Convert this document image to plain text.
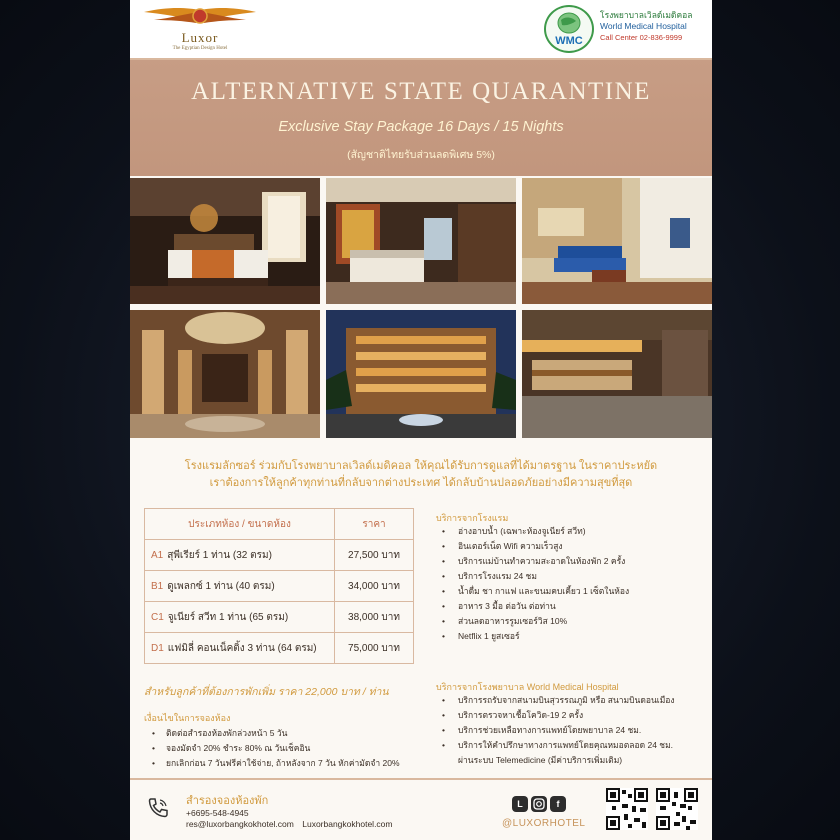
Luxor
The Egyptian Design Hotel
WMC
โรงพยาบาลเวิลด์เมดิคอล
World Medical Hospital
Call Center 02-836-9999
ALTERNATIVE STATE QUARANTINE
Exclusive Stay Package 16 Days / 15 Nights
(สัญชาติไทยรับส่วนลดพิเศษ 5%)
โรงแรมลักซอร์ ร่วมกับโรงพยาบาลเวิลด์เมดิคอล ให้คุณได้รับการดูแลที่ได้มาตรฐาน ในราคาประหยัด
เราต้องการให้ลูกค้าทุกท่านที่กลับจากต่างประเทศ ได้กลับบ้านปลอดภัยอย่างมีความสุขที่สุด
ประเภทห้อง / ขนาดห้อง	ราคา
A1 สุพีเรียร์ 1 ท่าน (32 ตรม)	27,500 บาท
B1 ดูเพลกซ์ 1 ท่าน (40 ตรม)	34,000 บาท
C1 จูเนียร์ สวีท 1 ท่าน (65 ตรม)	38,000 บาท
D1 แฟมิลี่ คอนเน็คติ้ง 3 ท่าน (64 ตรม)	75,000 บาท
สำหรับลูกค้าที่ต้องการพักเพิ่ม ราคา 22,000 บาท / ท่าน
เงื่อนไขในการจองห้อง
• ติดต่อสำรองห้องพักล่วงหน้า 5 วัน
• จองมัดจำ 20% ชำระ 80% ณ วันเช็คอิน
• ยกเลิกก่อน 7 วันฟรีค่าใช้จ่าย, ถ้าหลังจาก 7 วัน หักค่ามัดจำ 20%
บริการจากโรงแรม
• อ่างอาบน้ำ (เฉพาะห้องจูเนียร์ สวีท)
• อินเตอร์เน็ต Wifi ความเร็วสูง
• บริการแม่บ้านทำความสะอาดในห้องพัก 2 ครั้ง
• บริการโรงแรม 24 ชม
• น้ำดื่ม ชา กาแฟ และขนมคบเคี้ยว 1 เซ็ตในห้อง
• อาหาร 3 มื้อ ต่อวัน ต่อท่าน
• ส่วนลดอาหารรูมเซอร์วิส 10%
• Netflix 1 ยูสเซอร์
บริการจากโรงพยาบาล World Medical Hospital
• บริการรถรับจากสนามบินสุวรรณภูมิ หรือ สนามบินดอนเมือง
• บริการตรวจหาเชื้อโควิด-19 2 ครั้ง
• บริการช่วยเหลือทางการแพทย์โดยพยาบาล 24 ชม.
• บริการให้คำปรึกษาทางการแพทย์โดยคุณหมอตลอด 24 ชม.
ผ่านระบบ Telemedicine (มีค่าบริการเพิ่มเติม)
สำรองจองห้องพัก
+6695-548-4945
res@luxorbangkokhotel.com Luxorbangkokhotel.com
L	f
@LUXORHOTEL
